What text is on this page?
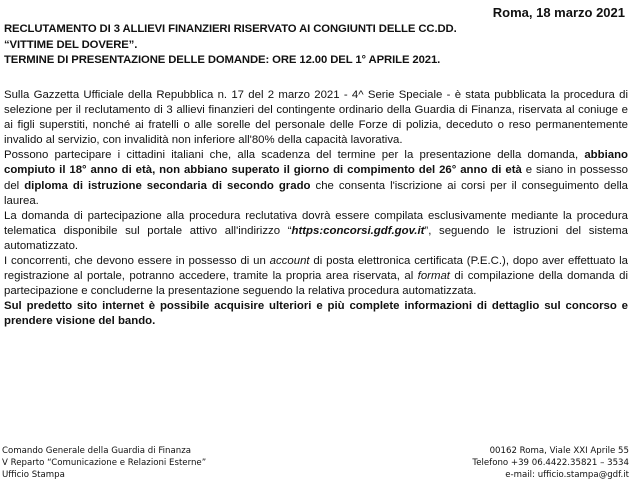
Roma, 18 marzo 2021
RECLUTAMENTO DI 3 ALLIEVI FINANZIERI RISERVATO AI CONGIUNTI DELLE CC.DD.
“VITTIME DEL DOVERE”.
TERMINE DI PRESENTAZIONE DELLE DOMANDE: ORE 12.00 DEL 1° APRILE 2021.

Sulla Gazzetta Ufficiale della Repubblica n. 17 del 2 marzo 2021 - 4^ Serie Speciale - è stata pubblicata la procedura di selezione per il reclutamento di 3 allievi finanzieri del contingente ordinario della Guardia di Finanza, riservata al coniuge e ai figli superstiti, nonché ai fratelli o alle sorelle del personale delle Forze di polizia, deceduto o reso permanentemente invalido al servizio, con invalidità non inferiore all'80% della capacità lavorativa.

Possono partecipare i cittadini italiani che, alla scadenza del termine per la presentazione della domanda, abbiano compiuto il 18° anno di età, non abbiano superato il giorno di compimento del 26° anno di età e siano in possesso del diploma di istruzione secondaria di secondo grado che consenta l'iscrizione ai corsi per il conseguimento della laurea.

La domanda di partecipazione alla procedura reclutativa dovrà essere compilata esclusivamente mediante la procedura telematica disponibile sul portale attivo all'indirizzo “https:concorsi.gdf.gov.it”, seguendo le istruzioni del sistema automatizzato.

I concorrenti, che devono essere in possesso di un account di posta elettronica certificata (P.E.C.), dopo aver effettuato la registrazione al portale, potranno accedere, tramite la propria area riservata, al format di compilazione della domanda di partecipazione e concluderne la presentazione seguendo la relativa procedura automatizzata.

Sul predetto sito internet è possibile acquisire ulteriori e più complete informazioni di dettaglio sul concorso e prendere visione del bando.

Comando Generale della Guardia di Finanza
V Reparto “Comunicazione e Relazioni Esterne”
Ufficio Stampa
00162 Roma, Viale XXI Aprile 55
Telefono +39 06.4422.35821 – 3534
e-mail: ufficio.stampa@gdf.it
